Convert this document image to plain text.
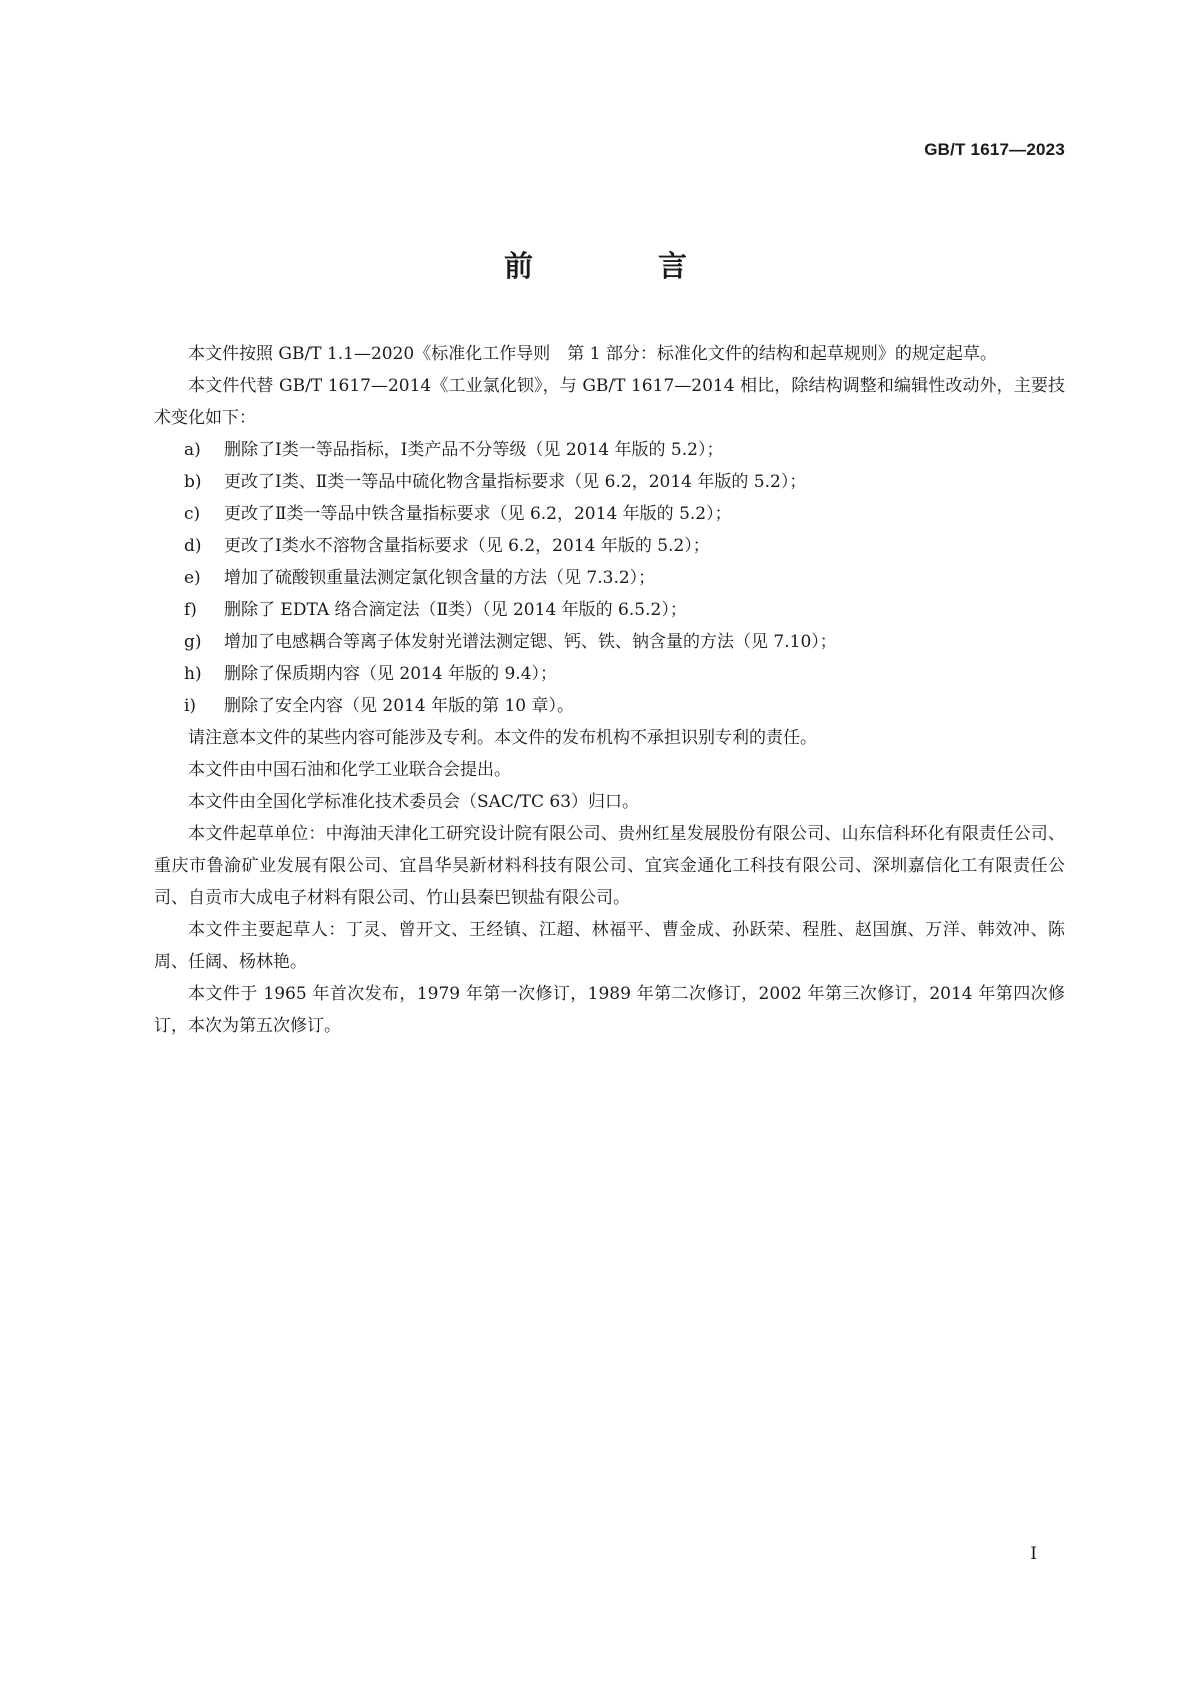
GB/T 1617—2023
前　言

本文件按照 GB/T 1.1—2020《标准化工作导则　第 1 部分：标准化文件的结构和起草规则》的规定起草。

本文件代替 GB/T 1617—2014《工业氯化钡》，与 GB/T 1617—2014 相比，除结构调整和编辑性改动外，主要技术变化如下：

a)	删除了Ⅰ类一等品指标，Ⅰ类产品不分等级（见 2014 年版的 5.2）；
b)	更改了Ⅰ类、Ⅱ类一等品中硫化物含量指标要求（见 6.2，2014 年版的 5.2）；
c)	更改了Ⅱ类一等品中铁含量指标要求（见 6.2，2014 年版的 5.2）；
d)	更改了Ⅰ类水不溶物含量指标要求（见 6.2，2014 年版的 5.2）；
e)	增加了硫酸钡重量法测定氯化钡含量的方法（见 7.3.2）；
f)	删除了 EDTA 络合滴定法（Ⅱ类）（见 2014 年版的 6.5.2）；
g)	增加了电感耦合等离子体发射光谱法测定锶、钙、铁、钠含量的方法（见 7.10）；
h)	删除了保质期内容（见 2014 年版的 9.4）；
i)	删除了安全内容（见 2014 年版的第 10 章）。

请注意本文件的某些内容可能涉及专利。本文件的发布机构不承担识别专利的责任。

本文件由中国石油和化学工业联合会提出。

本文件由全国化学标准化技术委员会（SAC/TC 63）归口。

本文件起草单位：中海油天津化工研究设计院有限公司、贵州红星发展股份有限公司、山东信科环化有限责任公司、重庆市鲁渝矿业发展有限公司、宜昌华昊新材料科技有限公司、宜宾金通化工科技有限公司、深圳嘉信化工有限责任公司、自贡市大成电子材料有限公司、竹山县秦巴钡盐有限公司。

本文件主要起草人：丁灵、曾开文、王经镇、江超、林福平、曹金成、孙跃荣、程胜、赵国旗、万洋、韩效冲、陈周、任阔、杨林艳。

本文件于 1965 年首次发布，1979 年第一次修订，1989 年第二次修订，2002 年第三次修订，2014 年第四次修订，本次为第五次修订。

Ⅰ
